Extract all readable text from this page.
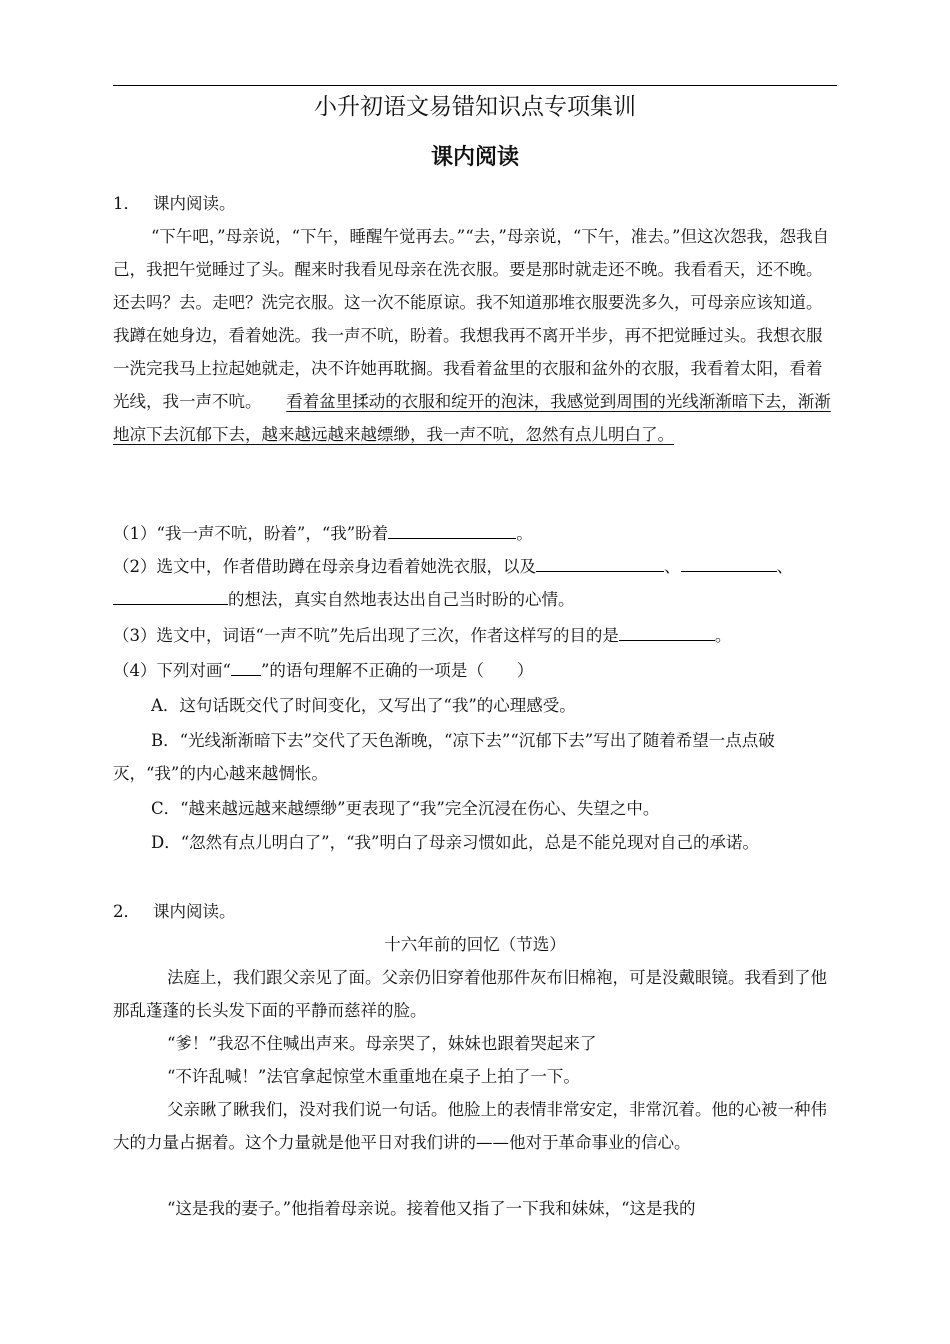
小升初语文易错知识点专项集训
课内阅读

1． 课内阅读。

“下午吧，”母亲说，“下午，睡醒午觉再去。”“去，”母亲说，“下午，准去。”但这次怨我，怨我自己，我把午觉睡过了头。醒来时我看见母亲在洗衣服。要是那时就走还不晚。我看看天，还不晚。还去吗？去。走吧？洗完衣服。这一次不能原谅。我不知道那堆衣服要洗多久，可母亲应该知道。我蹲在她身边，看着她洗。我一声不吭，盼着。我想我再不离开半步，再不把觉睡过头。我想衣服一洗完我马上拉起她就走，决不许她再耽搁。我看着盆里的衣服和盆外的衣服，我看着太阳，看着光线，我一声不吭。　　 看着盆里揉动的衣服和绽开的泡沫，我感觉到周围的光线渐渐暗下去，渐渐地凉下去沉郁下去，越来越远越来越缥缈，我一声不吭，忽然有点儿明白了。

（1）“我一声不吭，盼着”，“我”盼着	。

（2）选文中，作者借助蹲在母亲身边看着她洗衣服，以及	、	、
的想法，真实自然地表达出自己当时盼的心情。

（3）选文中，词语“一声不吭”先后出现了三次，作者这样写的目的是	。

（4）下列对画“ ”的语句理解不正确的一项是（　　）

A．这句话既交代了时间变化，又写出了“我”的心理感受。

B．“光线渐渐暗下去”交代了天色渐晚，“凉下去”“沉郁下去”写出了随着希望一点点破灭，“我”的内心越来越惆怅。

C．“越来越远越来越缥缈”更表现了“我”完全沉浸在伤心、失望之中。

D．“忽然有点儿明白了”，“我”明白了母亲习惯如此，总是不能兑现对自己的承诺。

2． 课内阅读。

十六年前的回忆（节选）

法庭上，我们跟父亲见了面。父亲仍旧穿着他那件灰布旧棉袍，可是没戴眼镜。我看到了他那乱蓬蓬的长头发下面的平静而慈祥的脸。

“爹！”我忍不住喊出声来。母亲哭了，妹妹也跟着哭起来了

“不许乱喊！”法官拿起惊堂木重重地在桌子上拍了一下。

父亲瞅了瞅我们，没对我们说一句话。他脸上的表情非常安定，非常沉着。他的心被一种伟大的力量占据着。这个力量就是他平日对我们讲的——他对于革命事业的信心。

“这是我的妻子。”他指着母亲说。接着他又指了一下我和妹妹，“这是我的
